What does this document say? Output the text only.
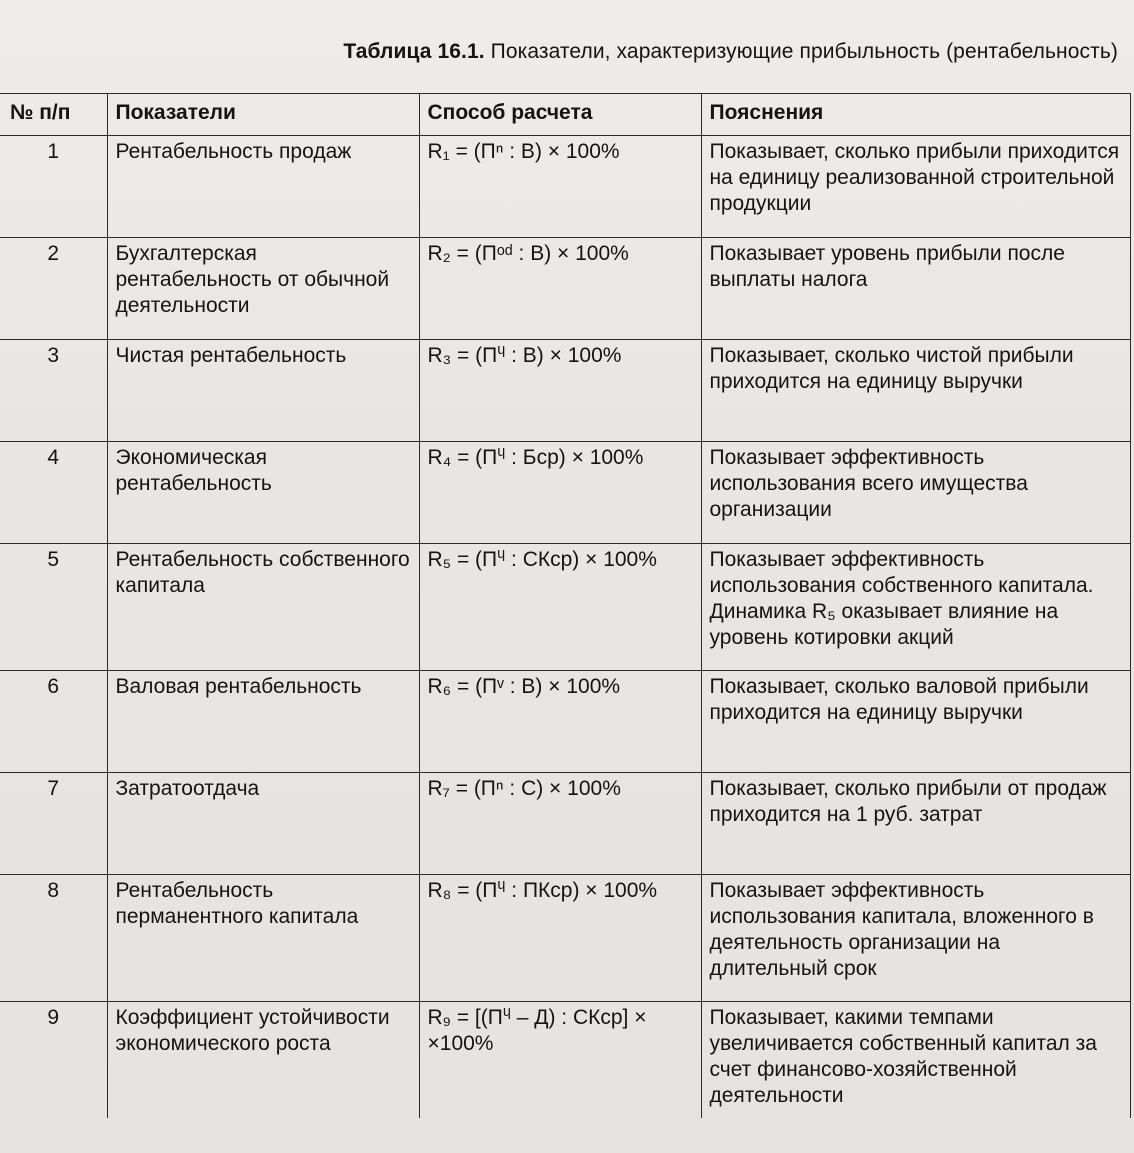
Таблица 16.1. Показатели, характеризующие прибыльность (рентабельность)
№ п/п	Показатели	Способ расчета	Пояснения
1	Рентабельность продаж	R₁ = (Пⁿ : В) × 100%	Показывает, сколько прибыли приходится на единицу реализованной строительной продукции
2	Бухгалтерская рентабельность от обычной деятельности	R₂ = (Пᵒᵈ : В) × 100%	Показывает уровень прибыли после выплаты налога
3	Чистая рентабельность	R₃ = (Пᶣ : В) × 100%	Показывает, сколько чистой прибыли приходится на единицу выручки
4	Экономическая рентабельность	R₄ = (Пᶣ : Бср) × 100%	Показывает эффективность использования всего имущества организации
5	Рентабельность собственного капитала	R₅ = (Пᶣ : СКср) × 100%	Показывает эффективность использования собственного капитала. Динамика R₅ оказывает влияние на уровень котировки акций
6	Валовая рентабельность	R₆ = (Пᵛ : В) × 100%	Показывает, сколько валовой прибыли приходится на единицу выручки
7	Затратоотдача	R₇ = (Пⁿ : С) × 100%	Показывает, сколько прибыли от продаж приходится на 1 руб. затрат
8	Рентабельность перманентного капитала	R₈ = (Пᶣ : ПКср) × 100%	Показывает эффективность использования капитала, вложенного в деятельность организации на длительный срок
9	Коэффициент устойчивости экономического роста	R₉ = [(Пᶣ – Д) : СКср] × ×100%	Показывает, какими темпами увеличивается собственный капитал за счет финансово-хозяйственной деятельности
